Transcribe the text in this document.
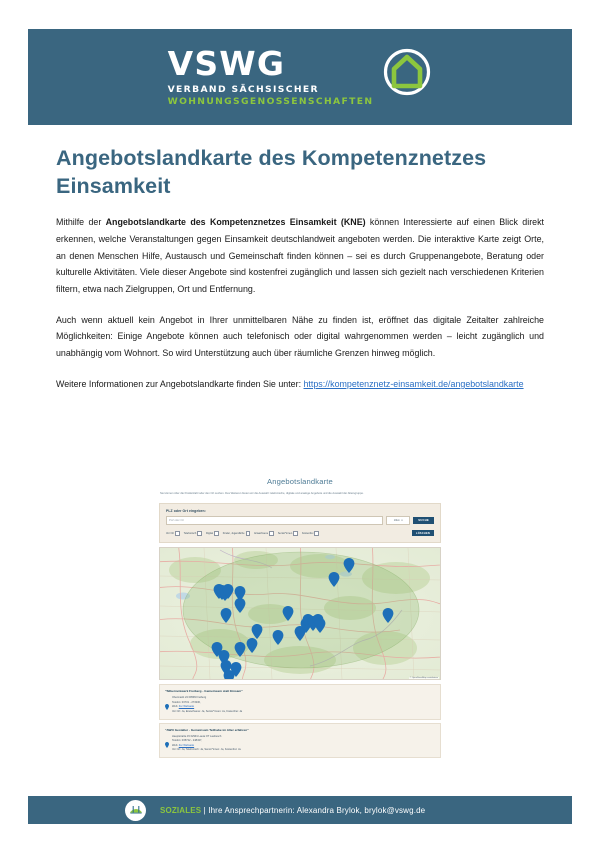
VSWG
VERBAND SÄCHSISCHER
WOHNUNGSGENOSSENSCHAFTEN
Angebotslandkarte des Kompetenznetzes Einsamkeit

Mithilfe der Angebotslandkarte des Kompetenznetzes Einsamkeit (KNE) können Interessierte auf einen Blick direkt erkennen, welche Veranstaltungen gegen Einsamkeit deutschlandweit angeboten werden. Die interaktive Karte zeigt Orte, an denen Menschen Hilfe, Austausch und Gemeinschaft finden können – sei es durch Gruppenangebote, Beratung oder kulturelle Aktivitäten. Viele dieser Angebote sind kostenfrei zugänglich und lassen sich gezielt nach verschiedenen Kriterien filtern, etwa nach Zielgruppen, Ort und Entfernung.

Auch wenn aktuell kein Angebot in Ihrer unmittelbaren Nähe zu finden ist, eröffnet das digitale Zeitalter zahlreiche Möglichkeiten: Einige Angebote können auch telefonisch oder digital wahrgenommen werden – leicht zugänglich und unabhängig vom Wohnort. So wird Unterstützung auch über räumliche Grenzen hinweg möglich.

Weitere Informationen zur Angebotslandkarte finden Sie unter: https://kompetenznetz-einsamkeit.de/angebotslandkarte

Angebotslandkarte
Sie können über die Postleitzahl oder den Ort suchen. Des Weiteren bieten wir die Auswahl: telefonische, digitale und analoge Angebote und die Auswahl der Altersgruppe.
PLZ oder Ort eingeben:
PLZ oder Ort	10km ▾	SUCHE
Vor Ort	Telefonisch	Digital	Kinder, Jugendliche	Erwachsene	Senior*innen	Kostenfrei	LÖSCHEN
© OpenStreetMap contributors
"Silbernetzwerk Freiberg - Gemeinsam statt Einsam"
Obermarkt 24 09599 Freiberg
Telefon: 03731 - 273330,
Web: Zur Webseite
Vor Ort: Ja, Erwachsene: Ja, Senior*innen: Ja, Kostenfrei: Ja
"AWO Gestalter - Gemeinsam Teilhabe im Alter erfahren"
Hauptstraße 15 02991 Lauta OT Laubusch
Telefon: 035722 - 248437,
Web: Zur Webseite
Vor Ort: Ja, Telefonisch: Ja, Senior*innen: Ja, Kostenfrei: Ja
SOZIALES | Ihre Ansprechpartnerin: Alexandra Brylok, brylok@vswg.de
